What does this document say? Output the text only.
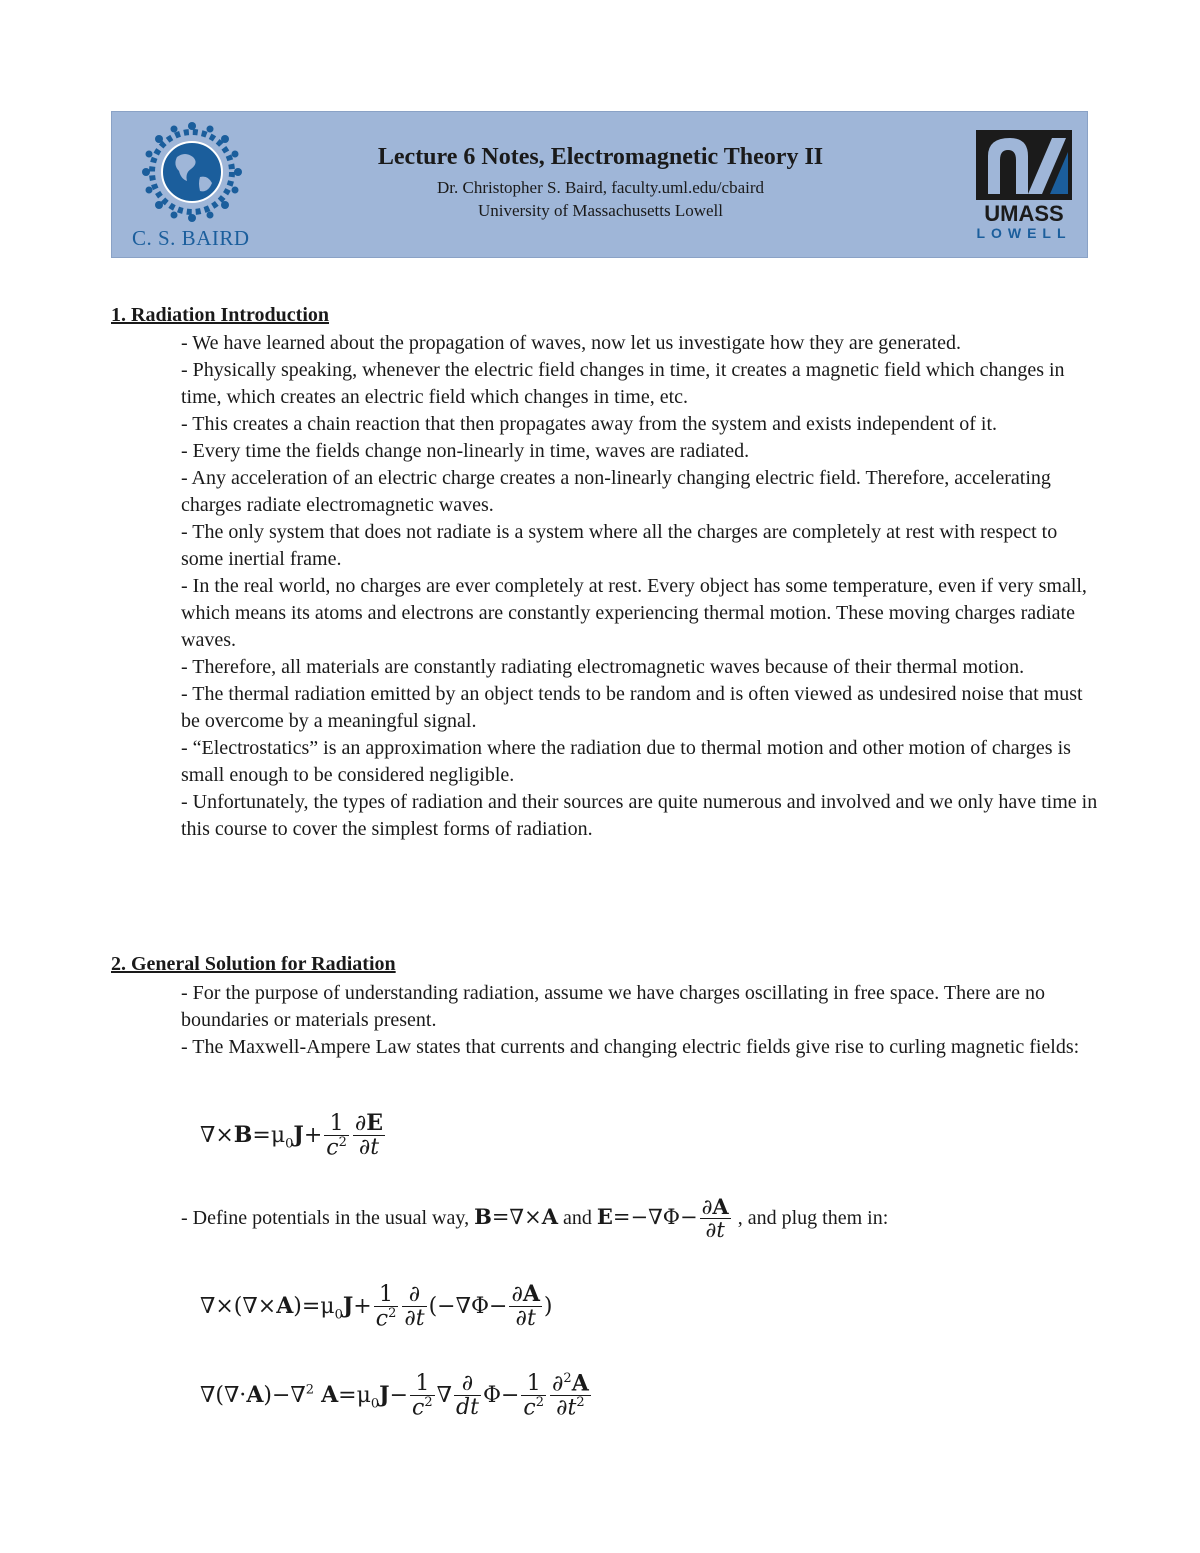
C. S. BAIRD
Lecture 6 Notes, Electromagnetic Theory II
Dr. Christopher S. Baird, faculty.uml.edu/cbaird
University of Massachusetts Lowell	UMASS
LOWELL
1. Radiation Introduction

- We have learned about the propagation of waves, now let us investigate how they are generated.

- Physically speaking, whenever the electric field changes in time, it creates a magnetic field which changes in time, which creates an electric field which changes in time, etc.

- This creates a chain reaction that then propagates away from the system and exists independent of it.

- Every time the fields change non-linearly in time, waves are radiated.

- Any acceleration of an electric charge creates a non-linearly changing electric field. Therefore, accelerating charges radiate electromagnetic waves.

- The only system that does not radiate is a system where all the charges are completely at rest with respect to some inertial frame.

- In the real world, no charges are ever completely at rest. Every object has some temperature, even if very small, which means its atoms and electrons are constantly experiencing thermal motion. These moving charges radiate waves.

- Therefore, all materials are constantly radiating electromagnetic waves because of their thermal motion.

- The thermal radiation emitted by an object tends to be random and is often viewed as undesired noise that must be overcome by a meaningful signal.

- “Electrostatics” is an approximation where the radiation due to thermal motion and other motion of charges is small enough to be considered negligible.

- Unfortunately, the types of radiation and their sources are quite numerous and involved and we only have time in this course to cover the simplest forms of radiation.

2. General Solution for Radiation

- For the purpose of understanding radiation, assume we have charges oscillating in free space. There are no boundaries or materials present.

- The Maxwell-Ampere Law states that currents and changing electric fields give rise to curling magnetic fields:

$\nabla\times B=\mu_0J+ \frac{1}{c^2} \frac{\partial E}{\partial t}$
- Define potentials in the usual way, B=∇×A and $E=-\nabla\Phi- \frac{\partial A}{\partial t}$ , and plug them in:
$\nabla\times(\nabla\times A)=\mu_0J+ \frac{1}{c^2} \frac{\partial}{\partial t} (-\nabla\Phi- \frac{\partial A}{\partial t}$ )
∇(∇·A)−∇$^2$ $A=\mu_0J- \frac{1}{c^2}$ ∇ $\frac{\partial}{dt} \Phi- \frac{1}{c^2} \frac{\partial^2A}{\partial t^2}$
